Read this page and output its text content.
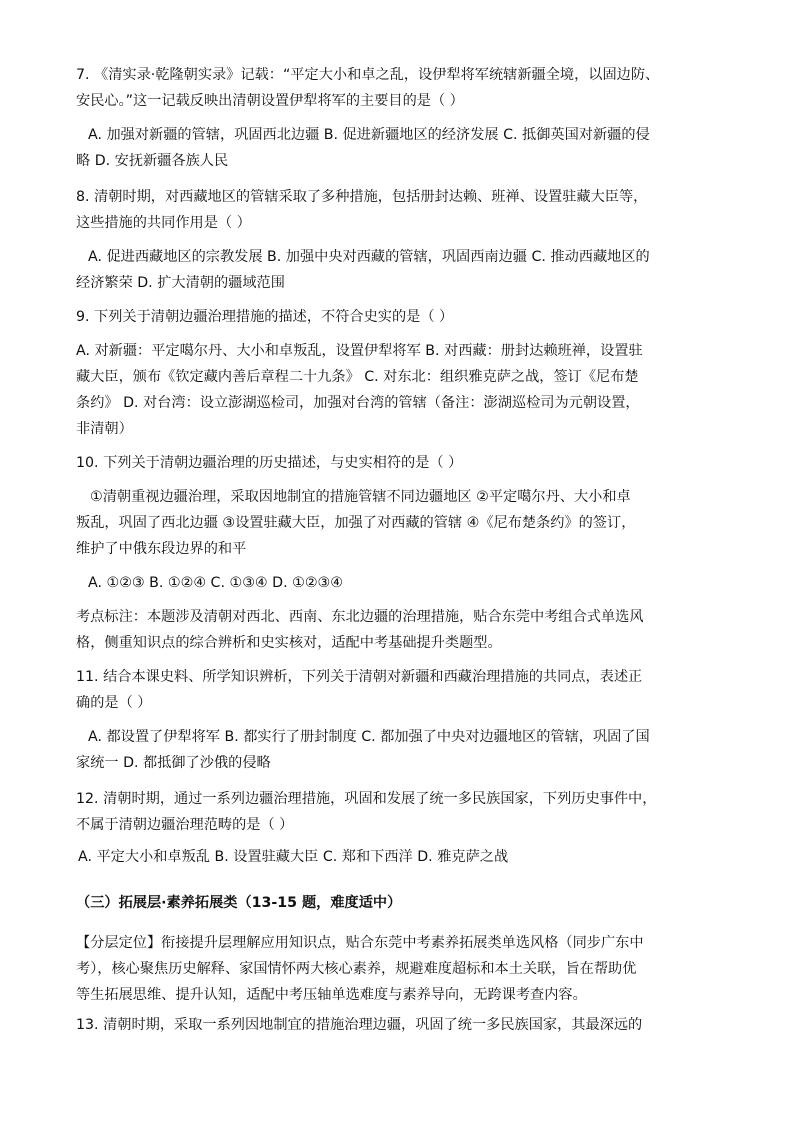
7. 《清实录·乾隆朝实录》记载：“平定大小和卓之乱，设伊犁将军统辖新疆全境，以固边防、
安民心。”这一记载反映出清朝设置伊犁将军的主要目的是（ ）
A. 加强对新疆的管辖，巩固西北边疆 B. 促进新疆地区的经济发展 C. 抵御英国对新疆的侵
略 D. 安抚新疆各族人民
8. 清朝时期，对西藏地区的管辖采取了多种措施，包括册封达赖、班禅、设置驻藏大臣等，
这些措施的共同作用是（ ）
A. 促进西藏地区的宗教发展 B. 加强中央对西藏的管辖，巩固西南边疆 C. 推动西藏地区的
经济繁荣 D. 扩大清朝的疆域范围
9. 下列关于清朝边疆治理措施的描述，不符合史实的是（ ）
A. 对新疆：平定噶尔丹、大小和卓叛乱，设置伊犁将军 B. 对西藏：册封达赖班禅，设置驻
藏大臣，颁布《钦定藏内善后章程二十九条》 C. 对东北：组织雅克萨之战，签订《尼布楚
条约》 D. 对台湾：设立澎湖巡检司，加强对台湾的管辖（备注：澎湖巡检司为元朝设置，
非清朝）
10. 下列关于清朝边疆治理的历史描述，与史实相符的是（ ）
①清朝重视边疆治理，采取因地制宜的措施管辖不同边疆地区 ②平定噶尔丹、大小和卓
叛乱，巩固了西北边疆 ③设置驻藏大臣，加强了对西藏的管辖 ④《尼布楚条约》的签订，
维护了中俄东段边界的和平
A. ①②③ B. ①②④ C. ①③④ D. ①②③④
考点标注：本题涉及清朝对西北、西南、东北边疆的治理措施，贴合东莞中考组合式单选风
格，侧重知识点的综合辨析和史实核对，适配中考基础提升类题型。
11. 结合本课史料、所学知识辨析，下列关于清朝对新疆和西藏治理措施的共同点，表述正
确的是（ ）
A. 都设置了伊犁将军 B. 都实行了册封制度 C. 都加强了中央对边疆地区的管辖，巩固了国
家统一 D. 都抵御了沙俄的侵略
12. 清朝时期，通过一系列边疆治理措施，巩固和发展了统一多民族国家，下列历史事件中，
不属于清朝边疆治理范畴的是（ ）
A. 平定大小和卓叛乱 B. 设置驻藏大臣 C. 郑和下西洋 D. 雅克萨之战
（三）拓展层·素养拓展类（13-15 题，难度适中）
【分层定位】衔接提升层理解应用知识点，贴合东莞中考素养拓展类单选风格（同步广东中
考），核心聚焦历史解释、家国情怀两大核心素养，规避难度超标和本土关联，旨在帮助优
等生拓展思维、提升认知，适配中考压轴单选难度与素养导向，无跨课考查内容。
13. 清朝时期，采取一系列因地制宜的措施治理边疆，巩固了统一多民族国家，其最深远的
